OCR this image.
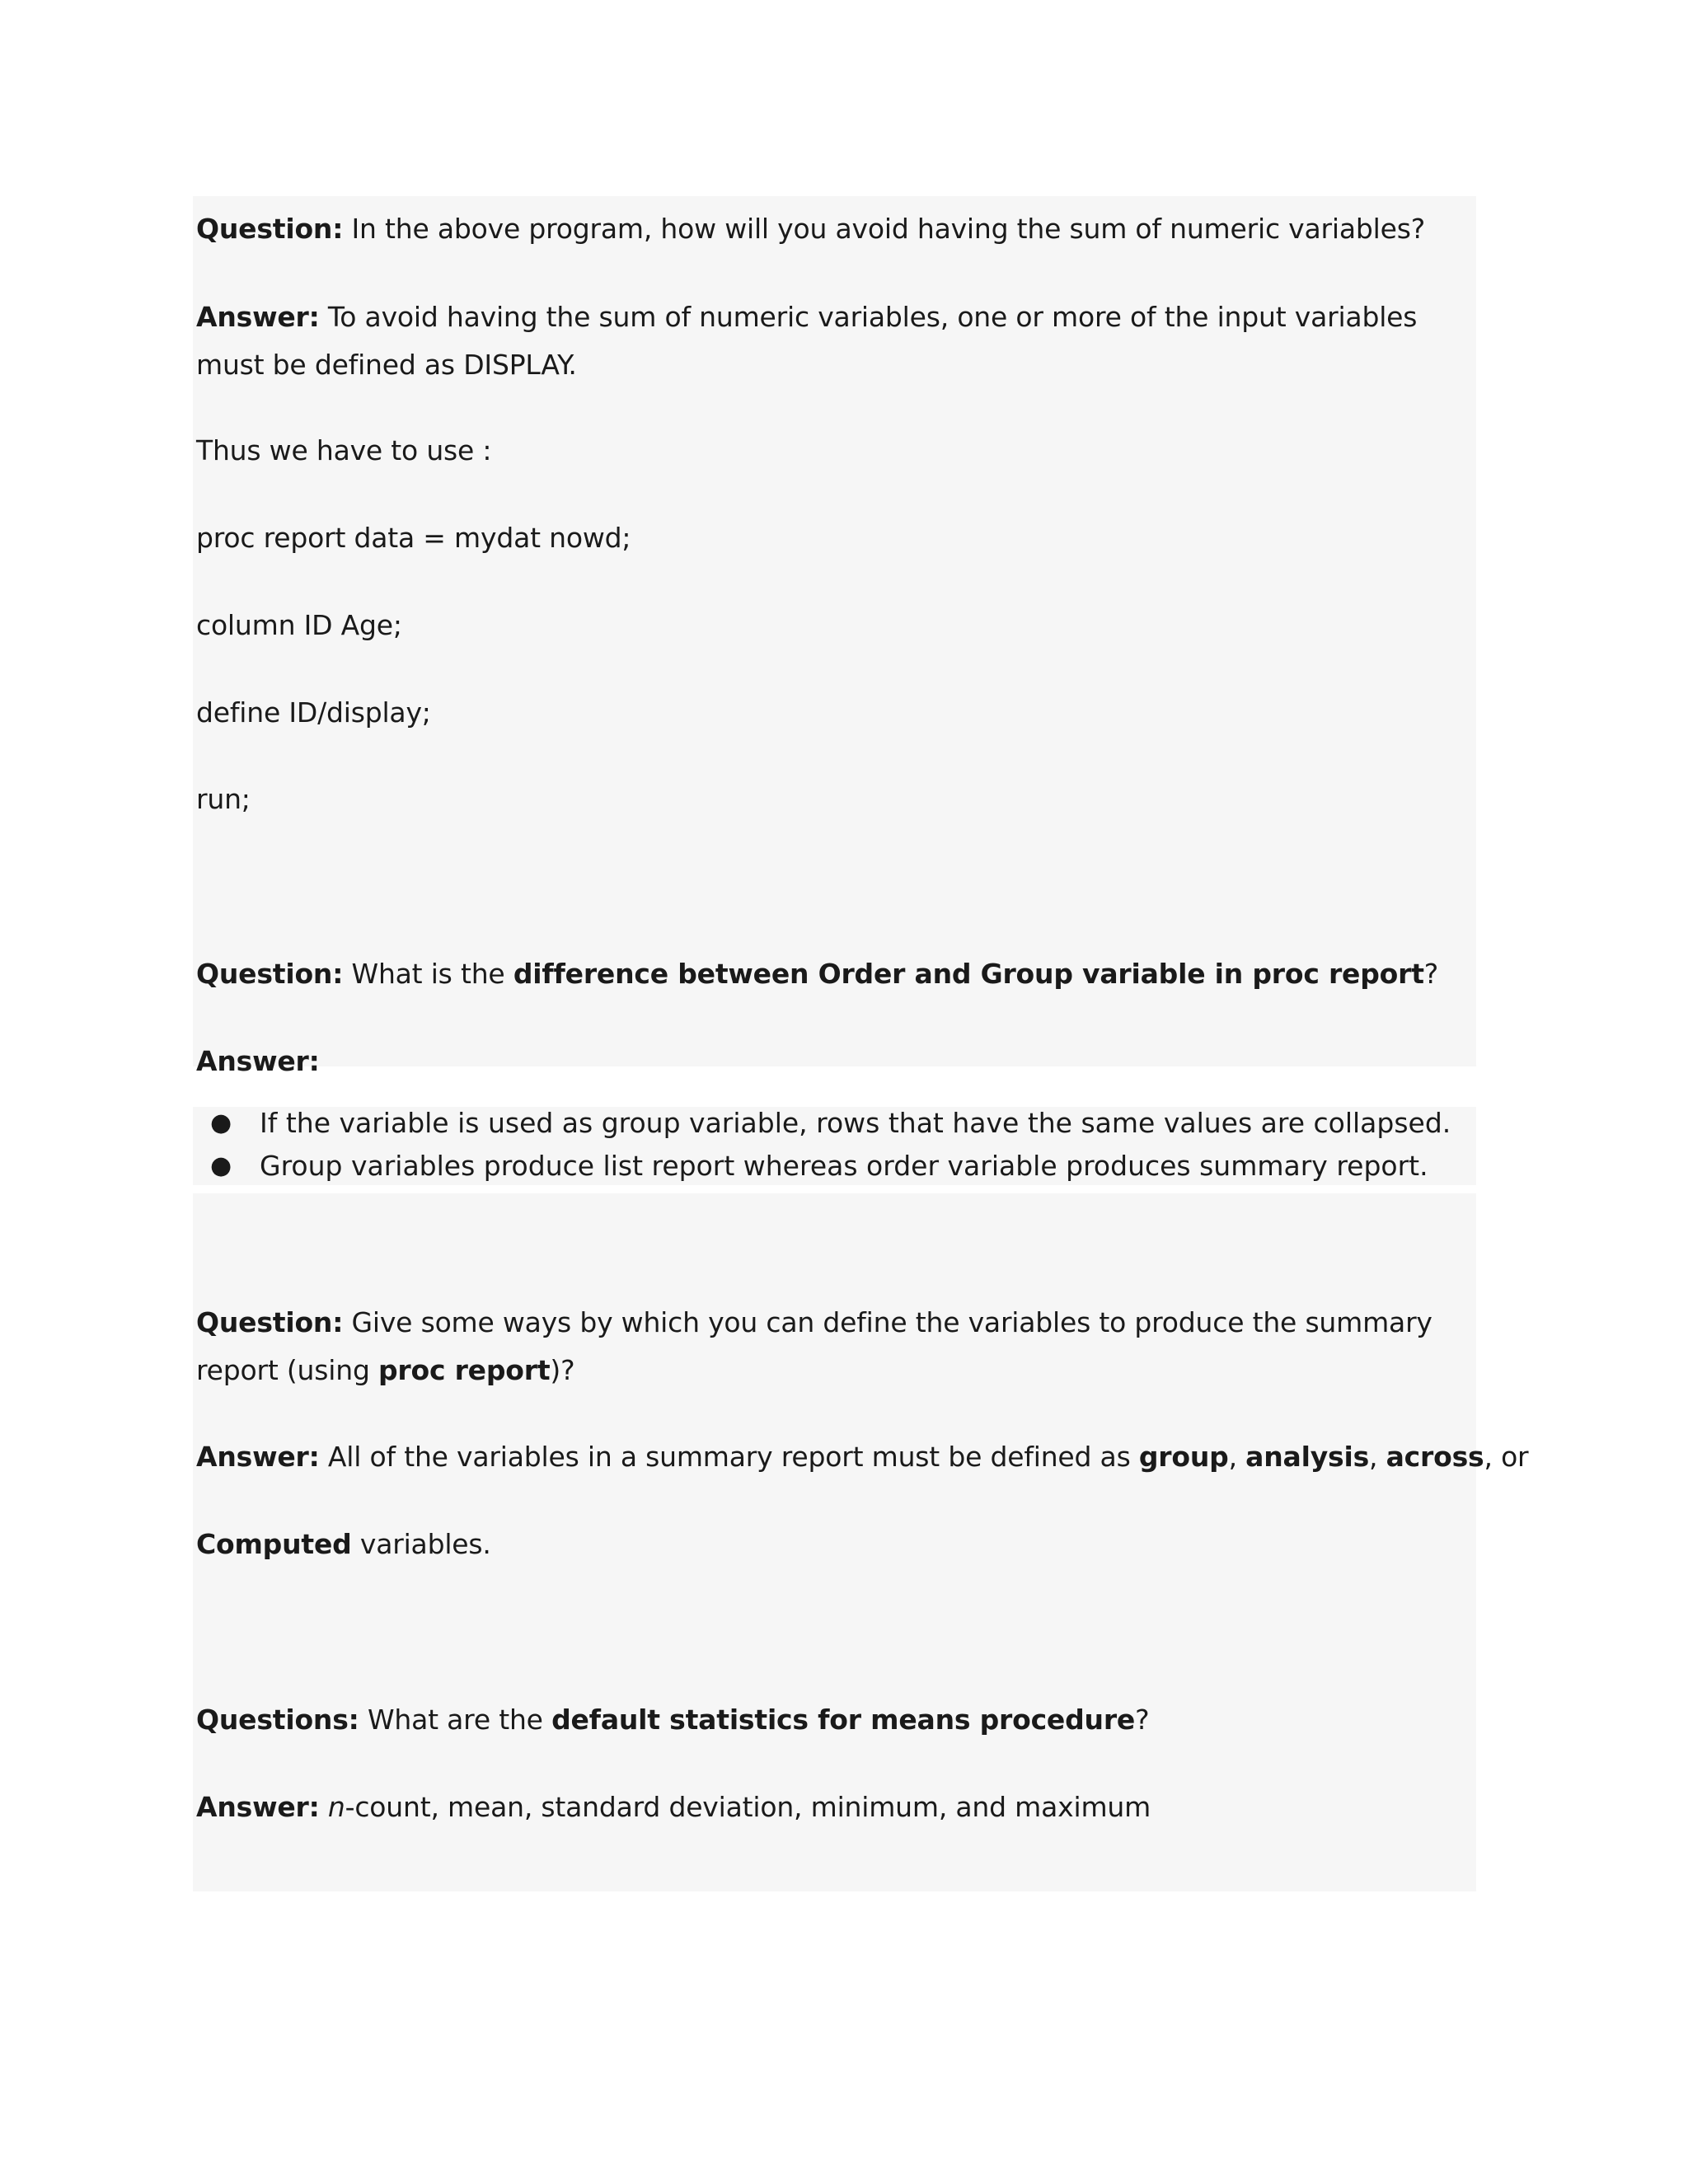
Question: In the above program, how will you avoid having the sum of numeric variables?
Answer: To avoid having the sum of numeric variables, one or more of the input variables must be defined as DISPLAY.
Thus we have to use :
proc report data = mydat nowd;
column ID Age;
define ID/display;
run;
Question: What is the difference between Order and Group variable in proc report?
Answer:
● If the variable is used as group variable, rows that have the same values are collapsed.
● Group variables produce list report whereas order variable produces summary report.
Question: Give some ways by which you can define the variables to produce the summary report (using proc report)?
Answer: All of the variables in a summary report must be defined as group, analysis, across, or
Computed variables.
Questions: What are the default statistics for means procedure?
Answer: n-count, mean, standard deviation, minimum, and maximum
